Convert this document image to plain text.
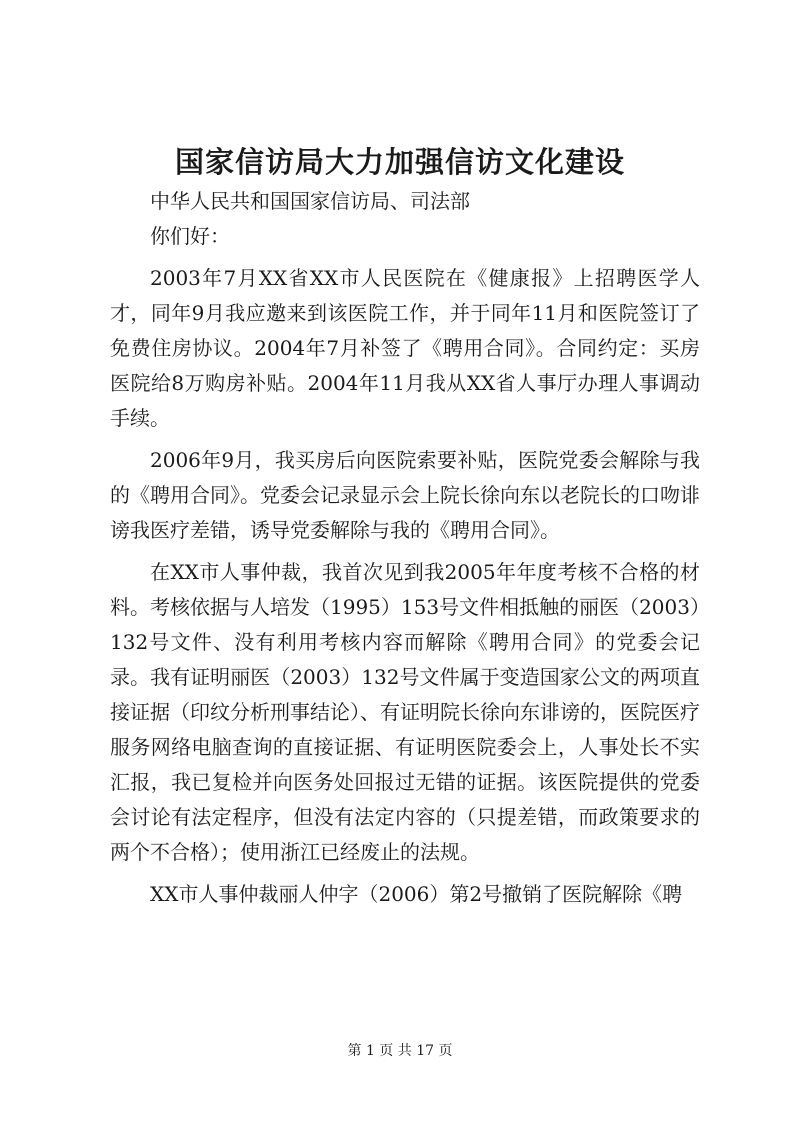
国家信访局大力加强信访文化建设

中华人民共和国国家信访局、司法部

你们好：

2003年7月XX省XX市人民医院在《健康报》上招聘医学人才，同年9月我应邀来到该医院工作，并于同年11月和医院签订了免费住房协议。2004年7月补签了《聘用合同》。合同约定：买房医院给8万购房补贴。2004年11月我从XX省人事厅办理人事调动手续。

2006年9月，我买房后向医院索要补贴，医院党委会解除与我的《聘用合同》。党委会记录显示会上院长徐向东以老院长的口吻诽谤我医疗差错，诱导党委解除与我的《聘用合同》。

在XX市人事仲裁，我首次见到我2005年年度考核不合格的材料。考核依据与人培发（1995）153号文件相抵触的丽医（2003）132号文件、没有利用考核内容而解除《聘用合同》的党委会记录。我有证明丽医（2003）132号文件属于变造国家公文的两项直接证据（印纹分析刑事结论）、有证明院长徐向东诽谤的，医院医疗服务网络电脑查询的直接证据、有证明医院委会上，人事处长不实汇报，我已复检并向医务处回报过无错的证据。该医院提供的党委会讨论有法定程序，但没有法定内容的（只提差错，而政策要求的两个不合格）；使用浙江已经废止的法规。

XX市人事仲裁丽人仲字（2006）第2号撤销了医院解除《聘

第 1 页 共 17 页
